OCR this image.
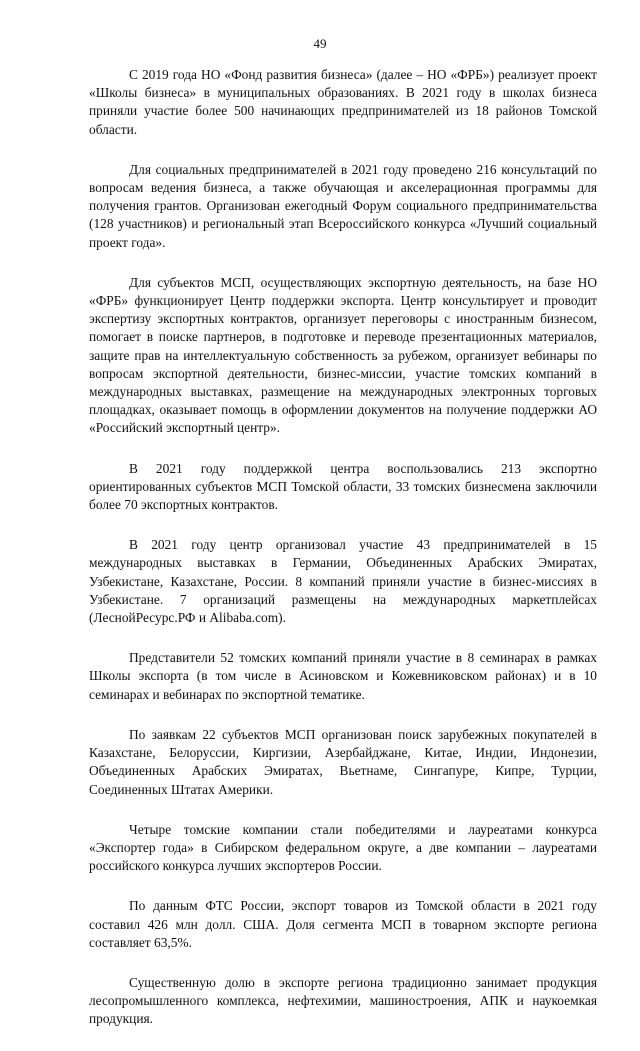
49

С 2019 года НО «Фонд развития бизнеса» (далее – НО «ФРБ») реализует проект «Школы бизнеса» в муниципальных образованиях. В 2021 году в школах бизнеса приняли участие более 500 начинающих предпринимателей из 18 районов Томской области.

Для социальных предпринимателей в 2021 году проведено 216 консультаций по вопросам ведения бизнеса, а также обучающая и акселерационная программы для получения грантов. Организован ежегодный Форум социального предпринимательства (128 участников) и региональный этап Всероссийского конкурса «Лучший социальный проект года».

Для субъектов МСП, осуществляющих экспортную деятельность, на базе НО «ФРБ» функционирует Центр поддержки экспорта. Центр консультирует и проводит экспертизу экспортных контрактов, организует переговоры с иностранным бизнесом, помогает в поиске партнеров, в подготовке и переводе презентационных материалов, защите прав на интеллектуальную собственность за рубежом, организует вебинары по вопросам экспортной деятельности, бизнес-миссии, участие томских компаний в международных выставках, размещение на международных электронных торговых площадках, оказывает помощь в оформлении документов на получение поддержки АО «Российский экспортный центр».

В 2021 году поддержкой центра воспользовались 213 экспортно ориентированных субъектов МСП Томской области, 33 томских бизнесмена заключили более 70 экспортных контрактов.

В 2021 году центр организовал участие 43 предпринимателей в 15 международных выставках в Германии, Объединенных Арабских Эмиратах, Узбекистане, Казахстане, России. 8 компаний приняли участие в бизнес-миссиях в Узбекистане. 7 организаций размещены на международных маркетплейсах (ЛеснойРесурс.РФ и Alibaba.com).

Представители 52 томских компаний приняли участие в 8 семинарах в рамках Школы экспорта (в том числе в Асиновском и Кожевниковском районах) и в 10 семинарах и вебинарах по экспортной тематике.

По заявкам 22 субъектов МСП организован поиск зарубежных покупателей в Казахстане, Белоруссии, Киргизии, Азербайджане, Китае, Индии, Индонезии, Объединенных Арабских Эмиратах, Вьетнаме, Сингапуре, Кипре, Турции, Соединенных Штатах Америки.

Четыре томские компании стали победителями и лауреатами конкурса «Экспортер года» в Сибирском федеральном округе, а две компании – лауреатами российского конкурса лучших экспортеров России.

По данным ФТС России, экспорт товаров из Томской области в 2021 году составил 426 млн долл. США. Доля сегмента МСП в товарном экспорте региона составляет 63,5%.

Существенную долю в экспорте региона традиционно занимает продукция лесопромышленного комплекса, нефтехимии, машиностроения, АПК и наукоемкая продукция.
